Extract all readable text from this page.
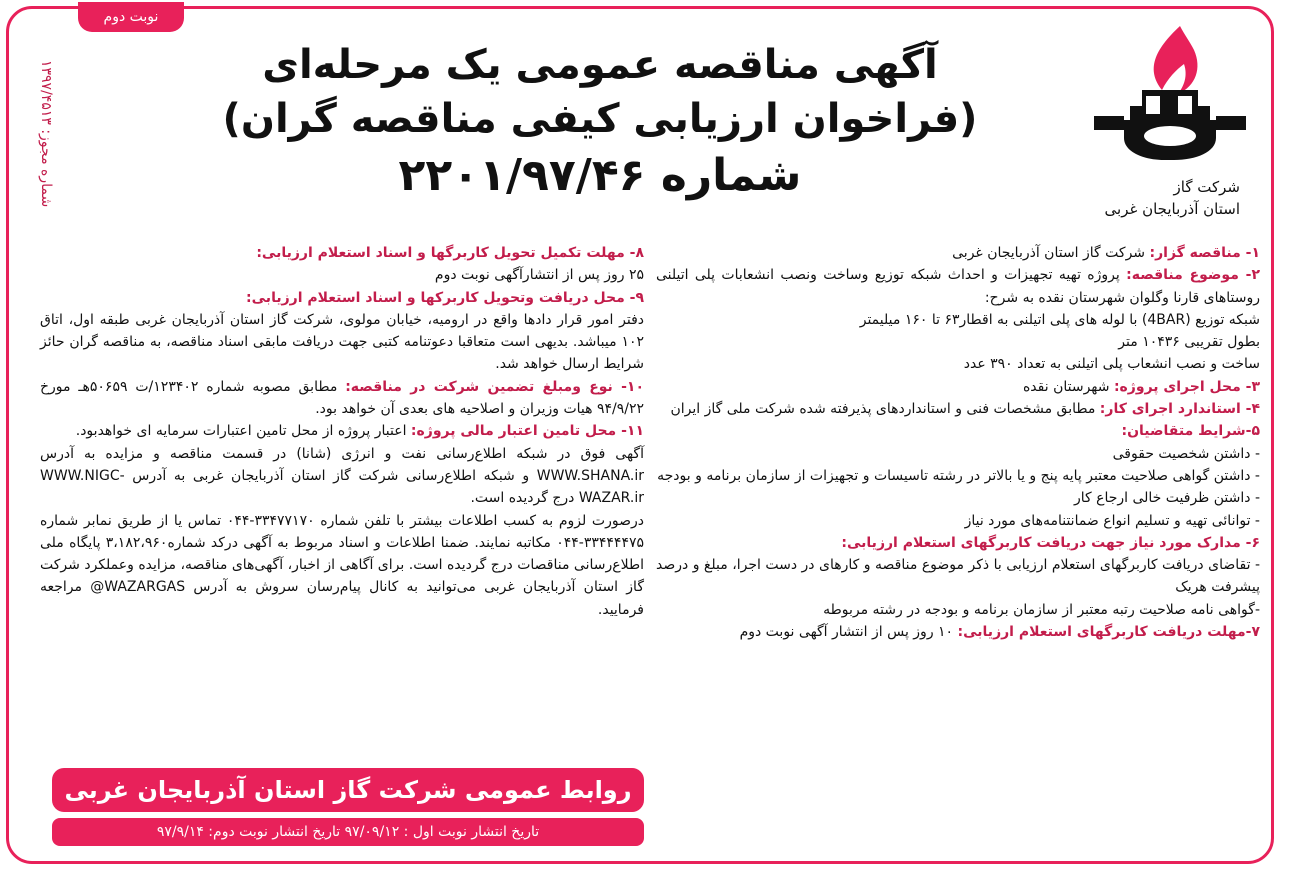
نوبت دوم
شماره مجوز: ۱۳۹۷/۴۵۱۳	شرکت گاز
استان آذربایجان غربی
آگهی مناقصه عمومی یک مرحله‌ای
(فراخوان ارزیابی کیفی مناقصه گران)
شماره ۲۲۰۱/۹۷/۴۶
۱- مناقصه گزار: شرکت گاز استان آذربایجان غربی
۲- موضوع مناقصه: پروژه تهیه تجهیزات و احداث شبکه توزیع وساخت ونصب انشعابات پلی اتیلنی روستاهای قارنا وگلوان شهرستان نقده به شرح:
شبکه توزیع (4BAR) با لوله های پلی اتیلنی به اقطار۶۳ تا ۱۶۰ میلیمتر
بطول تقریبی ۱۰۴۳۶ متر
ساخت و نصب انشعاب پلی اتیلنی به تعداد ۳۹۰ عدد
۳- محل اجرای پروژه: شهرستان نقده
۴- استاندارد اجرای کار: مطابق مشخصات فنی و استانداردهای پذیرفته شده شرکت ملی گاز ایران
۵-شرایط متقاضیان:
- داشتن شخصیت حقوقی
- داشتن گواهی صلاحیت معتبر پایه پنج و یا بالاتر در رشته تاسیسات و تجهیزات از سازمان برنامه و بودجه
- داشتن ظرفیت خالی ارجاع کار
- توانائی تهیه و تسلیم انواع ضمانتنامه‌های مورد نیاز
۶- مدارک مورد نیاز جهت دریافت کاربرگهای استعلام ارزیابی:
- تقاضای دریافت کاربرگهای استعلام ارزیابی با ذکر موضوع مناقصه و کارهای در دست اجرا، مبلغ و درصد پیشرفت هریک
-گواهی نامه صلاحیت رتبه معتبر از سازمان برنامه و بودجه در رشته مربوطه
۷-مهلت دریافت کاربرگهای استعلام ارزیابی: ۱۰ روز پس از انتشار آگهی نوبت دوم
۸- مهلت تکمیل تحویل کاربرگها و اسناد استعلام ارزیابی:
۲۵ روز پس از انتشارآگهی نوبت دوم
۹- محل دریافت وتحویل کاربرکها و اسناد استعلام ارزیابی:
دفتر امور قرار دادها واقع در ارومیه، خیابان مولوی، شرکت گاز استان آذربایجان غربی طبقه اول، اتاق ۱۰۲ میباشد. بدیهی است متعاقبا دعوتنامه کتبی جهت دریافت مابقی اسناد مناقصه، به مناقصه گران حائز شرایط ارسال خواهد شد.
۱۰- نوع ومبلغ تضمین شرکت در مناقصه: مطابق مصوبه شماره ۱۲۳۴۰۲/ت ۵۰۶۵۹هـ مورخ ۹۴/۹/۲۲ هیات وزیران و اصلاحیه های بعدی آن خواهد بود.
۱۱- محل تامین اعتبار مالی پروژه: اعتبار پروژه از محل تامین اعتبارات سرمایه ای خواهدبود.
آگهی فوق در شبکه اطلاع‌رسانی نفت و انرژی (شانا) در قسمت مناقصه و مزایده به آدرس WWW.SHANA.ir و شبکه اطلاع‌رسانی شرکت گاز استان آذربایجان غربی به آدرس WWW.NIGC-WAZAR.ir درج گردیده است.
درصورت لزوم به کسب اطلاعات بیشتر با تلفن شماره ۳۳۴۷۷۱۷۰-۰۴۴ تماس یا از طریق نمابر شماره ۳۳۴۴۴۴۷۵-۰۴۴ مکاتبه نمایند. ضمنا اطلاعات و اسناد مربوط به آگهی درکد شماره۳،۱۸۲،۹۶۰ پایگاه ملی اطلاع‌رسانی مناقصات درج گردیده است. برای آگاهی از اخبار، آگهی‌های مناقصه، مزایده وعملکرد شرکت گاز استان آذربایجان غربی می‌توانید به کانال پیام‌رسان سروش به آدرس WAZARGAS@ مراجعه فرمایید.
روابط عمومی شرکت گاز استان آذربایجان غربی
تاریخ انتشار نوبت اول : ۹۷/۰۹/۱۲ تاریخ انتشار نوبت دوم: ۹۷/۹/۱۴
